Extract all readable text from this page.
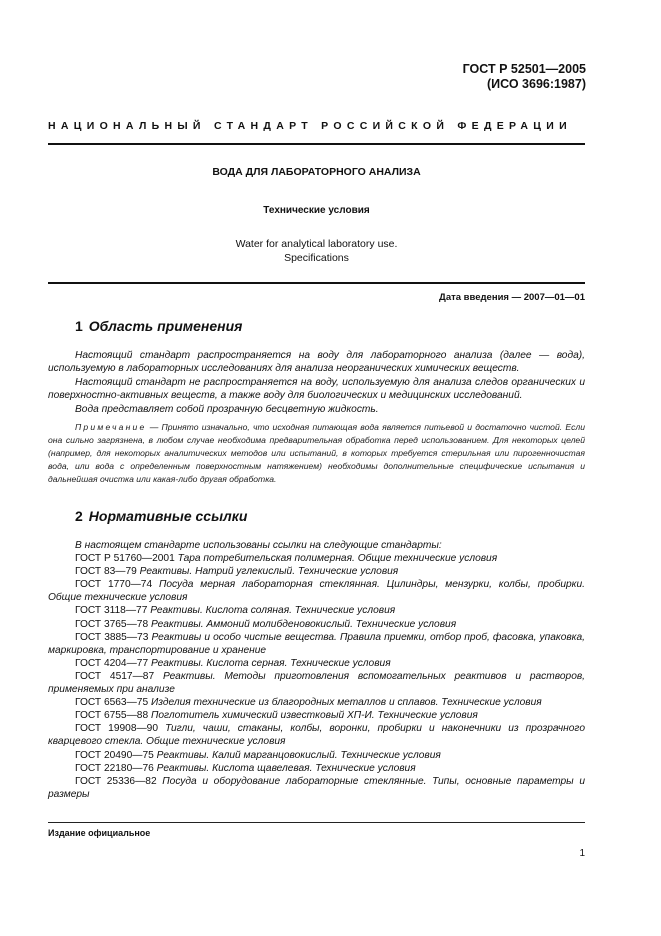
ГОСТ Р 52501—2005
(ИСО 3696:1987)
НАЦИОНАЛЬНЫЙ СТАНДАРТ РОССИЙСКОЙ ФЕДЕРАЦИИ
ВОДА ДЛЯ ЛАБОРАТОРНОГО АНАЛИЗА
Технические условия
Water for analytical laboratory use.
Specifications
Дата введения — 2007—01—01
1 Область применения

Настоящий стандарт распространяется на воду для лабораторного анализа (далее — вода), используемую в лабораторных исследованиях для анализа неорганических химических веществ.

Настоящий стандарт не распространяется на воду, используемую для анализа следов органических и поверхностно-активных веществ, а также воду для биологических и медицинских исследований.

Вода представляет собой прозрачную бесцветную жидкость.

Примечание — Принято изначально, что исходная питающая вода является питьевой и достаточно чистой. Если она сильно загрязнена, в любом случае необходима предварительная обработка перед использованием. Для некоторых целей (например, для некоторых аналитических методов или испытаний, в которых требуется стерильная или пирогенночистая вода, или вода с определенным поверхностным натяжением) необходимы дополнительные специфические испытания и дальнейшая очистка или какая-либо другая обработка.
2 Нормативные ссылки

В настоящем стандарте использованы ссылки на следующие стандарты:

ГОСТ Р 51760—2001 Тара потребительская полимерная. Общие технические условия

ГОСТ 83—79 Реактивы. Натрий углекислый. Технические условия

ГОСТ 1770—74 Посуда мерная лабораторная стеклянная. Цилиндры, мензурки, колбы, пробирки. Общие технические условия

ГОСТ 3118—77 Реактивы. Кислота соляная. Технические условия

ГОСТ 3765—78 Реактивы. Аммоний молибденовокислый. Технические условия

ГОСТ 3885—73 Реактивы и особо чистые вещества. Правила приемки, отбор проб, фасовка, упаковка, маркировка, транспортирование и хранение

ГОСТ 4204—77 Реактивы. Кислота серная. Технические условия

ГОСТ 4517—87 Реактивы. Методы приготовления вспомогательных реактивов и растворов, применяемых при анализе

ГОСТ 6563—75 Изделия технические из благородных металлов и сплавов. Технические условия

ГОСТ 6755—88 Поглотитель химический известковый ХП-И. Технические условия

ГОСТ 19908—90 Тигли, чаши, стаканы, колбы, воронки, пробирки и наконечники из прозрачного кварцевого стекла. Общие технические условия

ГОСТ 20490—75 Реактивы. Калий марганцовокислый. Технические условия

ГОСТ 22180—76 Реактивы. Кислота щавелевая. Технические условия

ГОСТ 25336—82 Посуда и оборудование лабораторные стеклянные. Типы, основные параметры и размеры

Издание официальное
1
